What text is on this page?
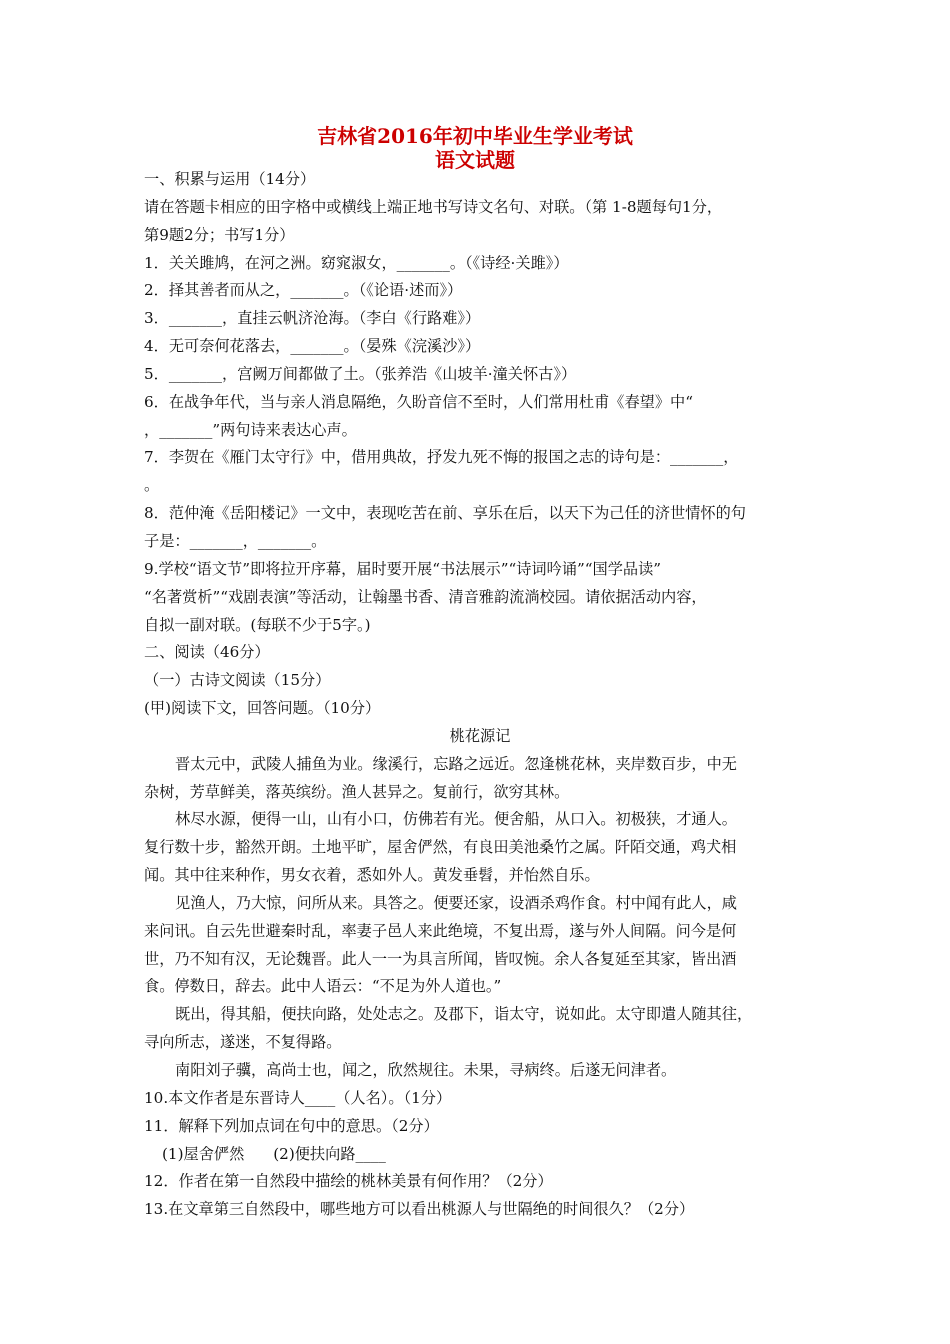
吉林省2016年初中毕业生学业考试
语文试题
一、积累与运用（14分）
请在答题卡相应的田字格中或横线上端正地书写诗文名句、对联。（第 1-8题每句1分，
第9题2分；书写1分）
1．关关雎鸠，在河之洲。窈窕淑女，_______。（《诗经·关雎》）
2．择其善者而从之，_______。（《论语·述而》）
3．_______，直挂云帆济沧海。（李白《行路难》）
4．无可奈何花落去，_______。（晏殊《浣溪沙》）
5．_______，宫阙万间都做了土。（张养浩《山坡羊·潼关怀古》）
6．在战争年代，当与亲人消息隔绝，久盼音信不至时，人们常用杜甫《春望》中“
，_______”两句诗来表达心声。
7．李贺在《雁门太守行》中，借用典故，抒发九死不悔的报国之志的诗句是：_______，
。
8．范仲淹《岳阳楼记》一文中，表现吃苦在前、享乐在后，以天下为己任的济世情怀的句
子是：_______，_______。
9.学校“语文节”即将拉开序幕，届时要开展“书法展示”“诗词吟诵”“国学品读”
“名著赏析”“戏剧表演”等活动，让翰墨书香、清音雅韵流淌校园。请依据活动内容，
自拟一副对联。(每联不少于5字。)
二、阅读（46分）
（一）古诗文阅读（15分）
(甲)阅读下文，回答问题。（10分）
桃花源记
晋太元中，武陵人捕鱼为业。缘溪行，忘路之远近。忽逢桃花林，夹岸数百步，中无
杂树，芳草鲜美，落英缤纷。渔人甚异之。复前行，欲穷其林。
林尽水源，便得一山，山有小口，仿佛若有光。便舍船，从口入。初极狭，才通人。
复行数十步，豁然开朗。土地平旷，屋舍俨然，有良田美池桑竹之属。阡陌交通，鸡犬相
闻。其中往来种作，男女衣着，悉如外人。黄发垂髫，并怡然自乐。
见渔人，乃大惊，问所从来。具答之。便要还家，设酒杀鸡作食。村中闻有此人，咸
来问讯。自云先世避秦时乱，率妻子邑人来此绝境，不复出焉，遂与外人间隔。问今是何
世，乃不知有汉，无论魏晋。此人一一为具言所闻，皆叹惋。余人各复延至其家，皆出酒
食。停数日，辞去。此中人语云：“不足为外人道也。”
既出，得其船，便扶向路，处处志之。及郡下，诣太守，说如此。太守即遣人随其往，
寻向所志，遂迷，不复得路。
南阳刘子骥，高尚士也，闻之，欣然规往。未果，寻病终。后遂无问津者。
10.本文作者是东晋诗人____（人名）。（1分）
11．解释下列加点词在句中的意思。（2分）
(1)屋舍俨然      (2)便扶向路____
12．作者在第一自然段中描绘的桃林美景有何作用？（2分）
13.在文章第三自然段中，哪些地方可以看出桃源人与世隔绝的时间很久？（2分）
